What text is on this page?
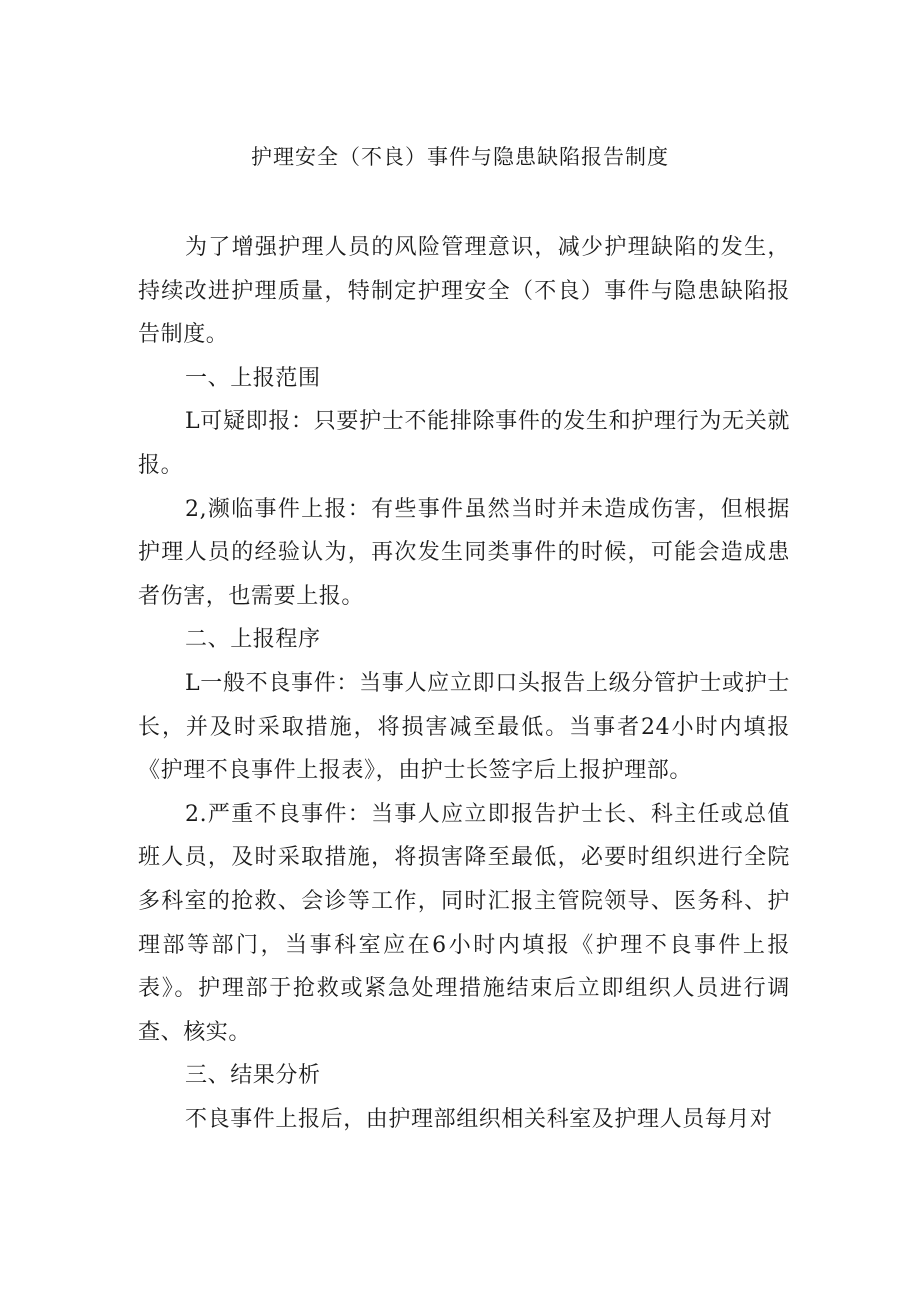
护理安全（不良）事件与隐患缺陷报告制度

为了增强护理人员的风险管理意识，减少护理缺陷的发生，持续改进护理质量，特制定护理安全（不良）事件与隐患缺陷报告制度。

一、上报范围

L可疑即报：只要护士不能排除事件的发生和护理行为无关就报。

2,濒临事件上报：有些事件虽然当时并未造成伤害，但根据护理人员的经验认为，再次发生同类事件的时候，可能会造成患者伤害，也需要上报。

二、上报程序

L一般不良事件：当事人应立即口头报告上级分管护士或护士长，并及时采取措施，将损害减至最低。当事者24小时内填报《护理不良事件上报表》，由护士长签字后上报护理部。

2.严重不良事件：当事人应立即报告护士长、科主任或总值班人员，及时采取措施，将损害降至最低，必要时组织进行全院多科室的抢救、会诊等工作，同时汇报主管院领导、医务科、护理部等部门，当事科室应在6小时内填报《护理不良事件上报表》。护理部于抢救或紧急处理措施结束后立即组织人员进行调查、核实。

三、结果分析

不良事件上报后，由护理部组织相关科室及护理人员每月对
